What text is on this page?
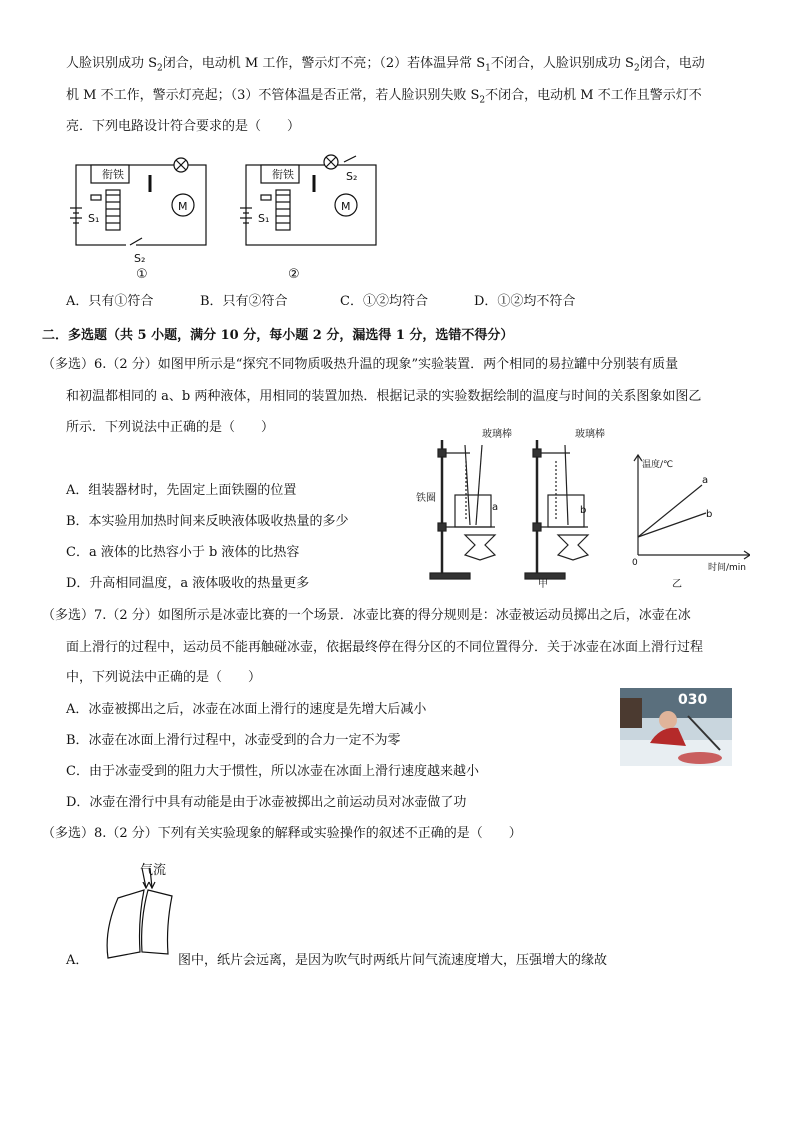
人脸识别成功 $S_2$闭合，电动机 M 工作，警示灯不亮；（2）若体温异常 $S_1$不闭合，人脸识别成功 $S_2$闭合，电动
机 M 不工作，警示灯亮起；（3）不管体温是否正常，若人脸识别失败 $S_2$不闭合，电动机 M 不工作且警示灯不
亮．下列电路设计符合要求的是（　　）
衔铁
M
S₁
S₂
①
衔铁
M
S₁
S₂
②
A．只有①符合	B．只有②符合	C．①②均符合	D．①②均不符合
二．多选题（共 5 小题，满分 10 分，每小题 2 分，漏选得 1 分，选错不得分）
（多选）6.（2 分）如图甲所示是“探究不同物质吸热升温的现象”实验装置．两个相同的易拉罐中分别装有质量
和初温都相同的 a、b 两种液体，用相同的装置加热．根据记录的实验数据绘制的温度与时间的关系图象如图乙
所示．下列说法中正确的是（　　）
A．组装器材时，先固定上面铁圈的位置
B．本实验用加热时间来反映液体吸收热量的多少
C．a 液体的比热容小于 b 液体的比热容
D．升高相同温度，a 液体吸收的热量更多
玻璃棒	玻璃棒
铁圈
a	b
甲	乙
温度/℃
时间/min
0
a
b
（多选）7.（2 分）如图所示是冰壶比赛的一个场景．冰壶比赛的得分规则是：冰壶被运动员掷出之后，冰壶在冰
面上滑行的过程中，运动员不能再触碰冰壶，依据最终停在得分区的不同位置得分．关于冰壶在冰面上滑行过程
中，下列说法中正确的是（　　）
A．冰壶被掷出之后，冰壶在冰面上滑行的速度是先增大后减小
B．冰壶在冰面上滑行过程中，冰壶受到的合力一定不为零
C．由于冰壶受到的阻力大于惯性，所以冰壶在冰面上滑行速度越来越小
D．冰壶在滑行中具有动能是由于冰壶被掷出之前运动员对冰壶做了功
030
（多选）8.（2 分）下列有关实验现象的解释或实验操作的叙述不正确的是（　　）
气流
A．	图中，纸片会远离，是因为吹气时两纸片间气流速度增大，压强增大的缘故
